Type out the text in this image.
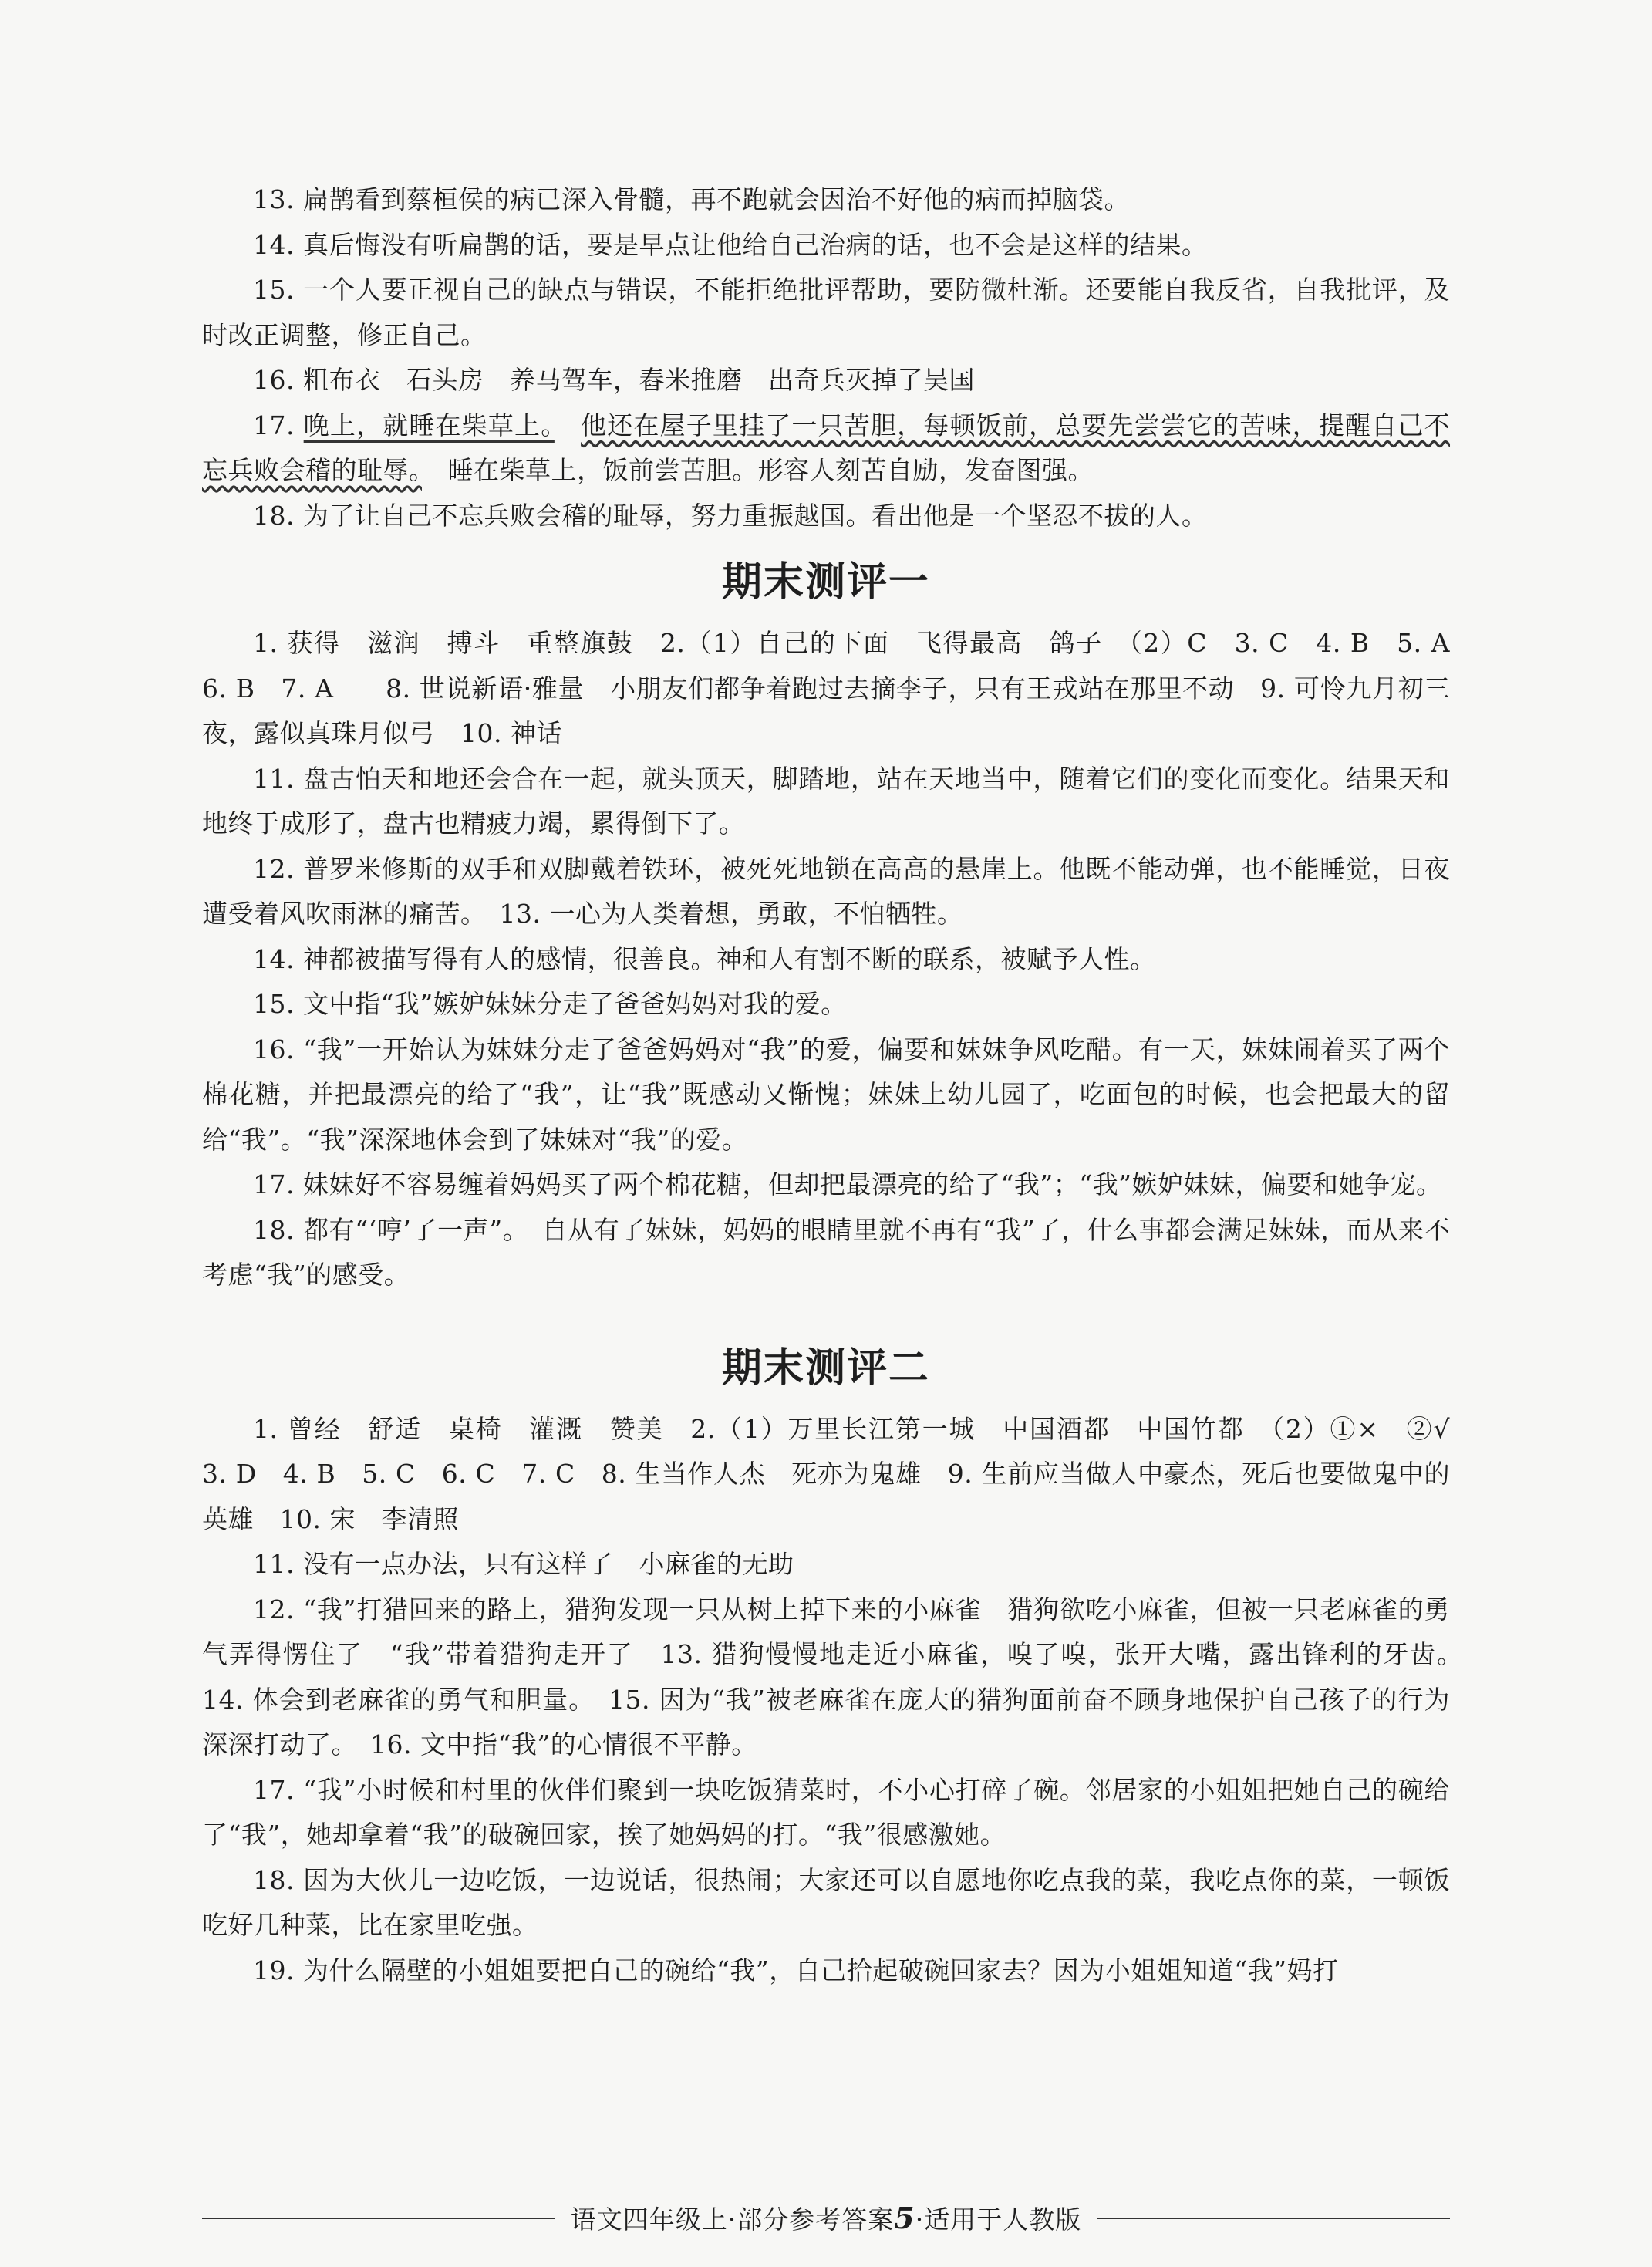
13. 扁鹊看到蔡桓侯的病已深入骨髓，再不跑就会因治不好他的病而掉脑袋。

14. 真后悔没有听扁鹊的话，要是早点让他给自己治病的话，也不会是这样的结果。

15. 一个人要正视自己的缺点与错误，不能拒绝批评帮助，要防微杜渐。还要能自我反省，自我批评，及时改正调整，修正自己。

16. 粗布衣　石头房　养马驾车，舂米推磨　出奇兵灭掉了吴国

17. 晚上，就睡在柴草上。　 他还在屋子里挂了一只苦胆，每顿饭前，总要先尝尝它的苦味，提醒自己不忘兵败会稽的耻辱。　睡在柴草上，饭前尝苦胆。形容人刻苦自励，发奋图强。

18. 为了让自己不忘兵败会稽的耻辱，努力重振越国。看出他是一个坚忍不拔的人。

期末测评一

1. 获得　滋润　搏斗　重整旗鼓　2.（1）自己的下面　飞得最高　鸽子　（2）C　3. C　4. B　5. A　6. B　7. A　　8. 世说新语·雅量　小朋友们都争着跑过去摘李子，只有王戎站在那里不动　9. 可怜九月初三夜，露似真珠月似弓　10. 神话

11. 盘古怕天和地还会合在一起，就头顶天，脚踏地，站在天地当中，随着它们的变化而变化。结果天和地终于成形了，盘古也精疲力竭，累得倒下了。

12. 普罗米修斯的双手和双脚戴着铁环，被死死地锁在高高的悬崖上。他既不能动弹，也不能睡觉，日夜遭受着风吹雨淋的痛苦。　13. 一心为人类着想，勇敢，不怕牺牲。

14. 神都被描写得有人的感情，很善良。神和人有割不断的联系，被赋予人性。

15. 文中指“我”嫉妒妹妹分走了爸爸妈妈对我的爱。

16. “我”一开始认为妹妹分走了爸爸妈妈对“我”的爱，偏要和妹妹争风吃醋。有一天，妹妹闹着买了两个棉花糖，并把最漂亮的给了“我”，让“我”既感动又惭愧；妹妹上幼儿园了，吃面包的时候，也会把最大的留给“我”。“我”深深地体会到了妹妹对“我”的爱。

17. 妹妹好不容易缠着妈妈买了两个棉花糖，但却把最漂亮的给了“我”；“我”嫉妒妹妹，偏要和她争宠。

18. 都有“‘哼’了一声”。　自从有了妹妹，妈妈的眼睛里就不再有“我”了，什么事都会满足妹妹，而从来不考虑“我”的感受。

期末测评二

1. 曾经　舒适　桌椅　灌溉　赞美　2.（1）万里长江第一城　中国酒都　中国竹都　（2）①×　②√　3. D　4. B　5. C　6. C　7. C　8. 生当作人杰　死亦为鬼雄　9. 生前应当做人中豪杰，死后也要做鬼中的英雄　10. 宋　李清照

11. 没有一点办法，只有这样了　小麻雀的无助

12. “我”打猎回来的路上，猎狗发现一只从树上掉下来的小麻雀　猎狗欲吃小麻雀，但被一只老麻雀的勇气弄得愣住了　“我”带着猎狗走开了　13. 猎狗慢慢地走近小麻雀，嗅了嗅，张开大嘴，露出锋利的牙齿。　14. 体会到老麻雀的勇气和胆量。　15. 因为“我”被老麻雀在庞大的猎狗面前奋不顾身地保护自己孩子的行为深深打动了。　16. 文中指“我”的心情很不平静。

17. “我”小时候和村里的伙伴们聚到一块吃饭猜菜时，不小心打碎了碗。邻居家的小姐姐把她自己的碗给了“我”，她却拿着“我”的破碗回家，挨了她妈妈的打。“我”很感激她。

18. 因为大伙儿一边吃饭，一边说话，很热闹；大家还可以自愿地你吃点我的菜，我吃点你的菜，一顿饭吃好几种菜，比在家里吃强。

19. 为什么隔壁的小姐姐要把自己的碗给“我”，自己拾起破碗回家去？因为小姐姐知道“我”妈打

语文四年级上·部分参考答案5·适用于人教版
